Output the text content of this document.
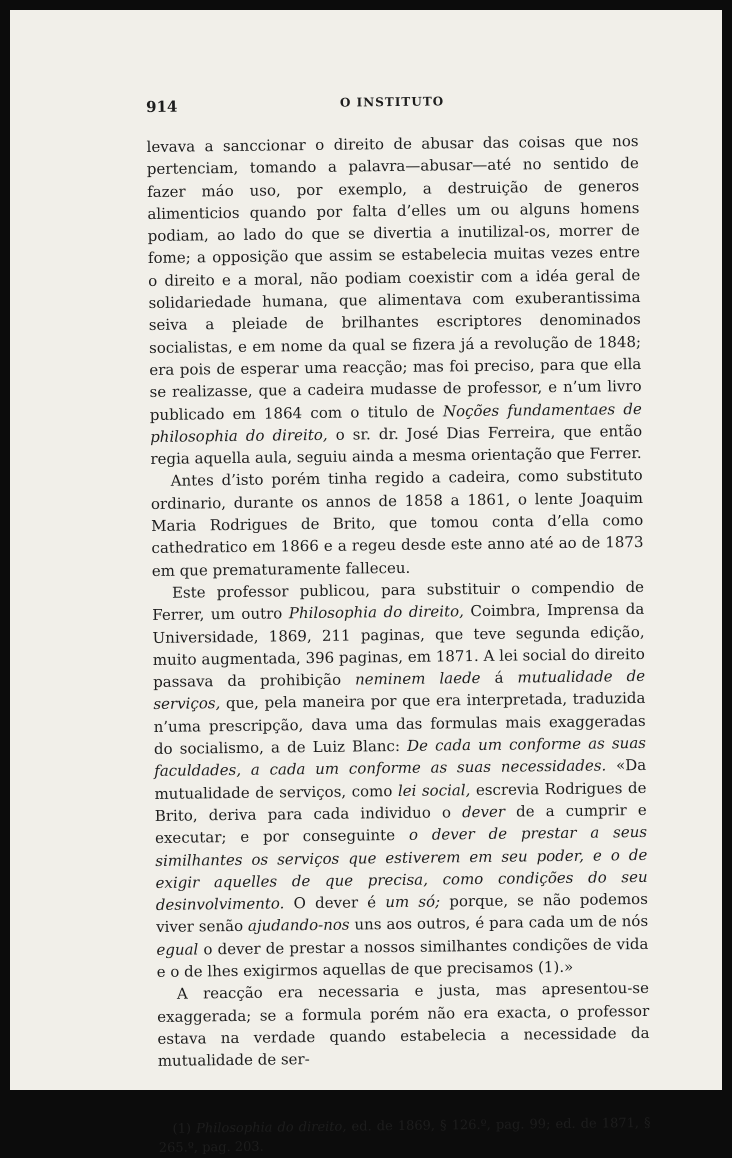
914	O INSTITUTO

levava a sanccionar o direito de abusar das coisas que nos pertenciam, tomando a palavra—abusar—até no sentido de fazer máo uso, por exemplo, a destruição de generos alimenticios quando por falta d’elles um ou alguns homens podiam, ao lado do que se divertia a inutilizal-os, morrer de fome; a opposição que assim se estabelecia muitas vezes entre o direito e a moral, não podiam coexistir com a idéa geral de solidariedade humana, que alimentava com exuberantissima seiva a pleiade de brilhantes escriptores denominados socialistas, e em nome da qual se fizera já a revolução de 1848; era pois de esperar uma reacção; mas foi preciso, para que ella se realizasse, que a cadeira mudasse de professor, e n’um livro publicado em 1864 com o titulo de Noções fundamentaes de philosophia do direito, o sr. dr. José Dias Ferreira, que então regia aquella aula, seguiu ainda a mesma orientação que Ferrer.

Antes d’isto porém tinha regido a cadeira, como substituto ordinario, durante os annos de 1858 a 1861, o lente Joaquim Maria Rodrigues de Brito, que tomou conta d’ella como cathedratico em 1866 e a regeu desde este anno até ao de 1873 em que prematuramente falleceu.

Este professor publicou, para substituir o compendio de Ferrer, um outro Philosophia do direito, Coimbra, Imprensa da Universidade, 1869, 211 paginas, que teve segunda edição, muito augmentada, 396 paginas, em 1871. A lei social do direito passava da prohibição neminem laede á mutualidade de serviços, que, pela maneira por que era interpretada, traduzida n’uma prescripção, dava uma das formulas mais exaggeradas do socialismo, a de Luiz Blanc: De cada um conforme as suas faculdades, a cada um conforme as suas necessidades. «Da mutualidade de serviços, como lei social, escrevia Rodrigues de Brito, deriva para cada individuo o dever de a cumprir e executar; e por conseguinte o dever de prestar a seus similhantes os serviços que estiverem em seu poder, e o de exigir aquelles de que precisa, como condições do seu desinvolvimento. O dever é um só; porque, se não podemos viver senão ajudando-nos uns aos outros, é para cada um de nós egual o dever de prestar a nossos similhantes condições de vida e o de lhes exigirmos aquellas de que precisamos (1).»

A reacção era necessaria e justa, mas apresentou-se exaggerada; se a formula porém não era exacta, o professor estava na verdade quando estabelecia a necessidade da mutualidade de ser-

(1) Philosophia do direito, ed. de 1869, § 126.º, pag. 99; ed. de 1871, § 265.º, pag. 203.
